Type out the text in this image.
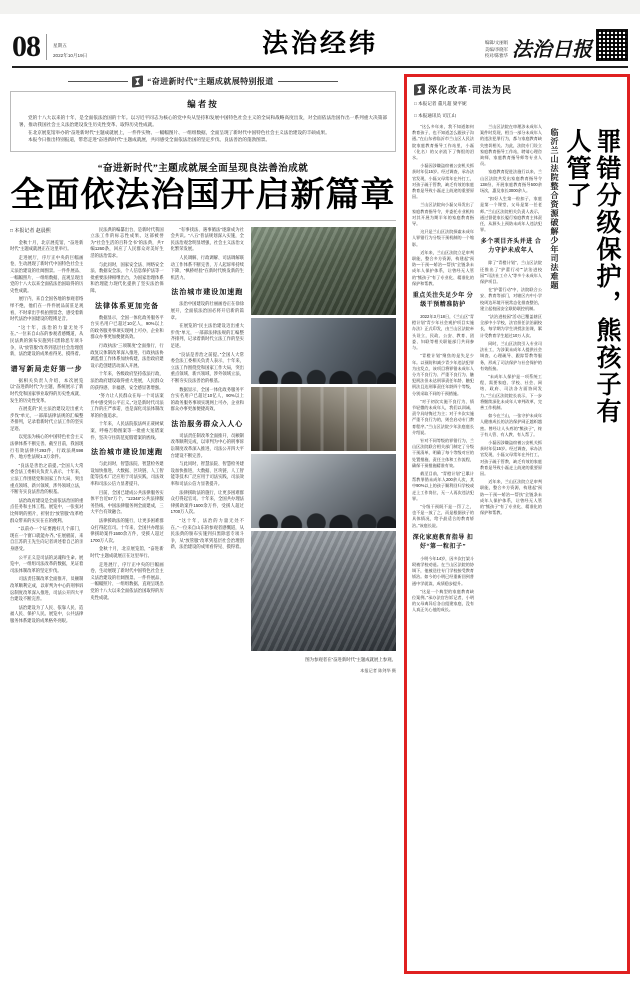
08	星期五
2022年10月19日	法治经纬	编辑/文丽娟
美编/李晓军
校对/陈雅华 法治日报
“奋进新时代”主题成就展特别报道
编者按
党的十八大以来的十年，是全面依法治国的十年。以习近平同志为核心的党中央从坚持和发展中国特色社会主义的全局和战略高度出发，对全面依法治国作出一系列重大决策部署，推动我国社会主义法治建设发生历史性变革、取得历史性成就。
在北京展览馆举办的“奋进新时代”主题成就展上，一件件实物、一幅幅图片、一组组数据，全面呈现了新时代中国特色社会主义法治建设的丰硕成果。
本报今日推出特别报道，带您走进“奋进新时代”主题成就展，共同感受全面依法治国的坚定步伐、良法善治的蓬勃图景。
“奋进新时代”主题成就展全面呈现良法善治成就
全面依法治国开启新篇章
□ 本报记者 赵晨熙

金秋十月，北京展览馆，“奋进新时代”主题成就展正在这里举行。

走进展厅，序厅正中央的巨幅画卷，生动展现了新时代中国特色社会主义法治建设的壮阔图景。一件件展品、一幅幅照片、一组组数据，直观呈现出党的十八大以来全面依法治国取得的历史性成就。

展厅内，来自全国各地的参观者络绎不绝，他们在一件件展品前驻足观看，不时拿出手机拍照留念，感受着新时代法治中国建设的铿锵足音。

“这十年，法治的力量无处不在。”一位来自山东的参观者感慨道，从民法典的颁布实施到扫黑除恶专项斗争，从“放管服”改革到基层社会治理创新，法治建设的成果看得见、摸得着。

谱写新局走好第一步

据相关负责人介绍，本次展览以“奋进新时代”为主题，系统展示了新时代党和国家事业取得的历史性成就、发生的历史性变革。

在展览的“民主法治建设迈出重大步伐”单元，一部部法律法规的汇编整齐排列，记录着新时代立法工作的坚实足迹。

以宪法为核心的中国特色社会主义法律体系不断完善。截至目前，我国现行有效法律共293件、行政法规598件、地方性法规1.3万余件。

“良法是善治之前提。”全国人大常委会法工委相关负责人表示，十年来，立法工作围绕党和国家工作大局，突出重点领域、新兴领域、涉外领域立法，不断夯实良法善治的根基。

法治政府建设是全面依法治国的重点任务和主体工程。展览中，一张张对比鲜明的照片，折射出“放管服”改革给群众带来的实实在在的便利。

“以前办一个证要跑好几个部门，现在一个窗口就能办齐。”在展板前，来自江苏的王先生向记者讲述着自己的亲身感受。

公平正义是司法的灵魂和生命。展览中，一组组司法改革的数据，见证着司法体制改革的坚定步伐。

司法责任制改革全面推开，员额制改革顺利完成，以审判为中心的刑事诉讼制度改革深入推进，司法公开四大平台建设不断完善。

法治建设为了人民、依靠人民、造福人民、保护人民。展览中，公共法律服务体系建设的成果格外亮眼。

民法典的编纂出台，是新时代我国立法工作的标志性成果。这部被誉为“社会生活的百科全书”的法典，共7编1260条，回应了人民群众对美好生活的法治需求。

与此同时，国家安全法、网络安全法、数据安全法、个人信息保护法等一批重要法律相继出台，为国家治理体系和治理能力现代化提供了坚实法治保障。

法律体系更加完备

数据显示，全国一体化政务服务平台实名用户已超过10亿人，90%以上的政务服务事项实现网上可办，企业和群众办事更加便捷高效。

行政执法“三项制度”全面推行，行政复议体制改革深入推进，行政执法协调监督工作体系加快构建，法治政府建设示范创建活动深入开展。

十年来，各级政府坚持依法行政，法治政府建设取得重大进展，人民群众的获得感、幸福感、安全感显著增强。

“努力让人民群众在每一个司法案件中感受到公平正义。”这是新时代司法工作的庄严承诺，也是深化司法体制改革的价值追求。

十年来，人民法院依法纠正聂树斌案、呼格吉勒图案等一批重大冤错案件，坚决守住防范冤假错案的底线。

法治城市建设加速跑

与此同时，智慧法院、智慧检务建设加快推进，大数据、区块链、人工智能等技术广泛应用于司法实践，司法效率和司法公信力显著提升。

目前，全国已建成公共法律服务实体平台近57万个，“12348”公共法律服务热线、中国法律服务网全面建成，三大平台有效融合。

法律援助法的施行，让更多困难群众打得起官司。十年来，全国共办理法律援助案件1500余万件，受援人超过1700万人次。

金秋十月，北京展览馆，“奋进新时代”主题成就展正在这里举行。

走进展厅，序厅正中央的巨幅画卷，生动展现了新时代中国特色社会主义法治建设的壮阔图景。一件件展品、一幅幅照片、一组组数据，直观呈现出党的十八大以来全面依法治国取得的历史性成就。

“有事找法、遇事循法”逐渐成为社会共识。“八五”普法规划深入实施，全民法治观念明显增强，社会主义法治文化繁荣发展。

人民调解、行政调解、司法调解联动工作体系不断完善，万人起诉率持续下降，“枫桥经验”在新时代焕发新的生机活力。

法治城市建设加速跑

法治中国建设的壮丽画卷正在徐徐展开，全面依法治国必将开启新的篇章。

在展览的“民主法治建设迈出重大步伐”单元，一部部法律法规的汇编整齐排列，记录着新时代立法工作的坚实足迹。

“良法是善治之前提。”全国人大常委会法工委相关负责人表示，十年来，立法工作围绕党和国家工作大局，突出重点领域、新兴领域、涉外领域立法，不断夯实良法善治的根基。

数据显示，全国一体化政务服务平台实名用户已超过10亿人，90%以上的政务服务事项实现网上可办，企业和群众办事更加便捷高效。

法治服务群众入人心

司法责任制改革全面推开，员额制改革顺利完成，以审判为中心的刑事诉讼制度改革深入推进，司法公开四大平台建设不断完善。

与此同时，智慧法院、智慧检务建设加快推进，大数据、区块链、人工智能等技术广泛应用于司法实践，司法效率和司法公信力显著提升。

法律援助法的施行，让更多困难群众打得起官司。十年来，全国共办理法律援助案件1500余万件，受援人超过1700万人次。

“这十年，法治的力量无处不在。”一位来自山东的参观者感慨道，从民法典的颁布实施到扫黑除恶专项斗争，从“放管服”改革到基层社会治理创新，法治建设的成果看得见、摸得着。

图为参观者在“奋进新时代”主题成就展上参观。
本报记者 陈剑华 摄
深化改革·司法为民
□ 本报记者 董凡超 梁平妮
□ 本报通讯员 司江山

“这么多年来，我不知道如何教育孩子，也不知道怎么跟孩子沟通。”在山东省临沂市兰山区人民法院家庭教育指导工作站里，小磊（化名）的父亲流下了悔恨的泪水。

小磊因涉嫌盗窃被公安机关抓获时年仅15岁。经过调查，承办法官发现，小磊父母常年在外打工，对孩子疏于管教，缺乏有效的家庭教育是导致小磊走上歧途的重要原因。

兰山区法院向小磊父母发出了家庭教育指导令，并委托专业机构对其开展为期半年的家庭教育指导。

这只是兰山区法院探索未成年人罪错行为分级干预机制的一个缩影。

近年来，兰山区法院立足审判职能，整合多方资源，构建起“预防—干预—矫治—帮扶”全链条未成年人保护体系，让曾经无人管的“熊孩子”有了专业化、精准化的保护和帮教。

重点关注失足少年 分级干预精准防护

2022年3月18日，《兰山区“青橙计划”青少年社会观护项目实施办法》正式印发，由兰山区法院牵头设立，民政、公安、教育、团委、妇联等相关职能部门共同参与。

“青橙计划”聚焦的是失足少年。以预防和减少青少年违法犯罪为出发点，该项目将罪错未成年人分为不良行为、严重不良行为、触犯刑法但未达刑事责任年龄、触犯刑法且达刑事责任年龄四个等级，分别采取不同的干预措施。

“对于初次实施不良行为、情节轻微的未成年人，我们以训诫、责令具结悔过为主；对于多次实施严重不良行为的，则会启动专门教育程序。”兰山区法院少年法庭庭长介绍说。

针对不同等级的罪错行为，兰山区法院联合相关部门制定了分级干预清单，明确了每个等级对应的处置措施、责任主体和工作流程，确保干预措施精准有效。

截至目前，“青橙计划”已累计帮教罪错未成年人200余人次，其中90%以上的孩子顺利回归学校或走上工作岗位，无一人再次违法犯罪。

“分级干预既不是一罚了之，也不是一放了之，而是根据孩子的具体情况，给予最适合的教育矫治。”该庭长说。

深化家庭教育指导 扣好“第一粒扣子”

小明今年14岁，因多次打架斗殴被学校劝退。在兰山区法院的协调下，他被送往专门学校接受教育矫治。如今的小明已经重新回到普通中学就读，成绩稳步提升。

“这是一个典型的家庭教育缺位案例。”承办法官告诉记者，小明的父母离异后各自组建家庭，没有人真正关心他的成长。

兰山区法院在审理涉未成年人案件时发现，相当一部分未成年人的违法犯罪行为，都与家庭教育缺失密切相关。为此，法院专门设立家庭教育指导工作站，聘请心理咨询师、家庭教育指导师等专业人员。

家庭教育促进法施行以来，兰山区法院共发出家庭教育指导令138份，开展家庭教育指导500余场次，惠及家长3000余人。

“扣好人生第一粒扣子，家庭是第一个课堂，父母是第一任老师。”兰山区法院相关负责人表示，通过督促家长履行家庭教育主体责任，从源头上预防未成年人违法犯罪。

多个项目齐头并进 合力守护未成年人

除了“青橙计划”，兰山区法院还推出了“护蕾行动”“法治进校园”“司法社工介入”等多个未成年人保护项目。

在“护蕾行动”中，法院联合公安、教育等部门，对辖区内中小学校周边环境开展常态化排查整治，建立起校园安全联防联控机制。

“法治进校园”活动已覆盖辖区全部中小学校，法官担任法治副校长，每学期为学生讲授法治课，累计受教育学生超过10万人次。

同时，兰山区法院引入专业司法社工，为涉案未成年人提供社会调查、心理疏导、跟踪帮教等服务，形成了司法保护与社会保护的有效衔接。

“未成年人保护是一项系统工程，需要家庭、学校、社会、网络、政府、司法各方面协同发力。”兰山区法院院长表示，下一步将继续深化未成年人审判改革，完善工作机制。

如今在兰山，一张守护未成年人健康成长的法治保护网正越织越密。曾经让人头疼的“熊孩子”，终于有人管、有人教、有人帮了。

小磊因涉嫌盗窃被公安机关抓获时年仅15岁。经过调查，承办法官发现，小磊父母常年在外打工，对孩子疏于管教，缺乏有效的家庭教育是导致小磊走上歧途的重要原因。

近年来，兰山区法院立足审判职能，整合多方资源，构建起“预防—干预—矫治—帮扶”全链条未成年人保护体系，让曾经无人管的“熊孩子”有了专业化、精准化的保护和帮教。

罪错分级保护，熊孩子有人管了
临沂兰山法院整合资源破解少年司法难题
